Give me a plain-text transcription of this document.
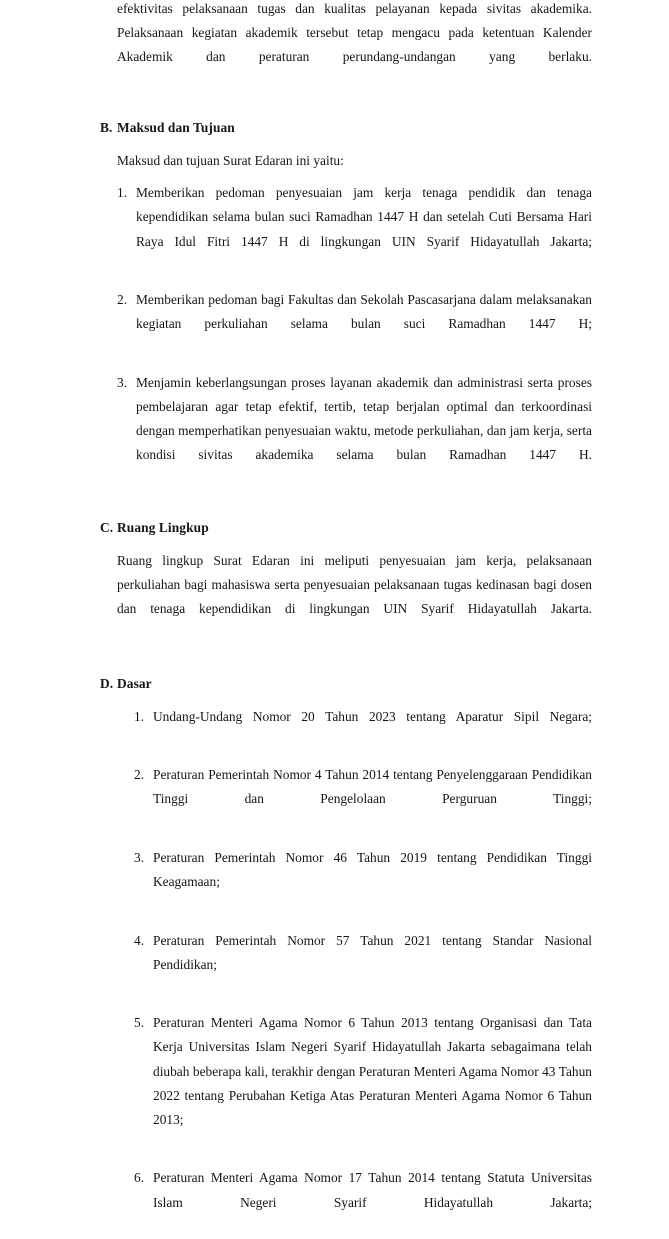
efektivitas pelaksanaan tugas dan kualitas pelayanan kepada sivitas akademika. Pelaksanaan kegiatan akademik tersebut tetap mengacu pada ketentuan Kalender Akademik dan peraturan perundang-undangan yang berlaku.

B. Maksud dan Tujuan

Maksud dan tujuan Surat Edaran ini yaitu:

1. Memberikan pedoman penyesuaian jam kerja tenaga pendidik dan tenaga kependidikan selama bulan suci Ramadhan 1447 H dan setelah Cuti Bersama Hari Raya Idul Fitri 1447 H di lingkungan UIN Syarif Hidayatullah Jakarta;
2. Memberikan pedoman bagi Fakultas dan Sekolah Pascasarjana dalam melaksanakan kegiatan perkuliahan selama bulan suci Ramadhan 1447 H;
3. Menjamin keberlangsungan proses layanan akademik dan administrasi serta proses pembelajaran agar tetap efektif, tertib, tetap berjalan optimal dan terkoordinasi dengan memperhatikan penyesuaian waktu, metode perkuliahan, dan jam kerja, serta kondisi sivitas akademika selama bulan Ramadhan 1447 H.
C. Ruang Lingkup

Ruang lingkup Surat Edaran ini meliputi penyesuaian jam kerja, pelaksanaan perkuliahan bagi mahasiswa serta penyesuaian pelaksanaan tugas kedinasan bagi dosen dan tenaga kependidikan di lingkungan UIN Syarif Hidayatullah Jakarta.

D. Dasar
1. Undang-Undang Nomor 20 Tahun 2023 tentang Aparatur Sipil Negara;
2. Peraturan Pemerintah Nomor 4 Tahun 2014 tentang Penyelenggaraan Pendidikan Tinggi dan Pengelolaan Perguruan Tinggi;
3. Peraturan Pemerintah Nomor 46 Tahun 2019 tentang Pendidikan Tinggi Keagamaan;
4. Peraturan Pemerintah Nomor 57 Tahun 2021 tentang Standar Nasional Pendidikan;
5. Peraturan Menteri Agama Nomor 6 Tahun 2013 tentang Organisasi dan Tata Kerja Universitas Islam Negeri Syarif Hidayatullah Jakarta sebagaimana telah diubah beberapa kali, terakhir dengan Peraturan Menteri Agama Nomor 43 Tahun 2022 tentang Perubahan Ketiga Atas Peraturan Menteri Agama Nomor 6 Tahun 2013;
6. Peraturan Menteri Agama Nomor 17 Tahun 2014 tentang Statuta Universitas Islam Negeri Syarif Hidayatullah Jakarta;
